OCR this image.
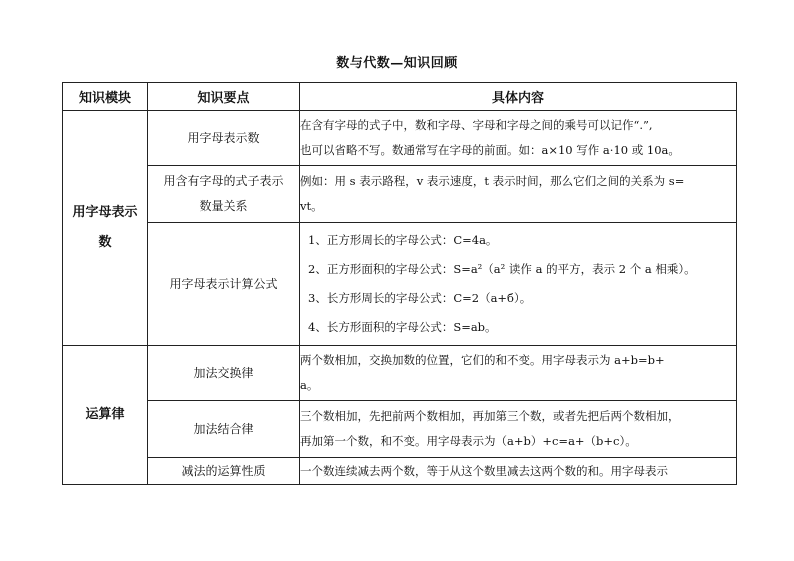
数与代数—知识回顾
知识模块	知识要点	具体内容

用字母表示
数	用字母表示数	在含有字母的式子中，数和字母、字母和字母之间的乘号可以记作“.”,
也可以省略不写。数通常写在字母的前面。如：a×10 写作 a·10 或 10a。

	用含有字母的式子表示
数量关系	例如：用 s 表示路程，v 表示速度，t 表示时间，那么它们之间的关系为 s=
vt。

	用字母表示计算公式	1、正方形周长的字母公式：C=4a。
2、正方形面积的字母公式：S=a²（a² 读作 a 的平方，表示 2 个 a 相乘）。
3、长方形周长的字母公式：C=2（a+б）。
4、长方形面积的字母公式：S=ab。

运算律	加法交换律	两个数相加，交换加数的位置，它们的和不变。用字母表示为 a+b=b+
a。

	加法结合律	三个数相加，先把前两个数相加，再加第三个数，或者先把后两个数相加，
再加第一个数，和不变。用字母表示为（a+b）+c=a+（b+c）。

	减法的运算性质	一个数连续减去两个数，等于从这个数里减去这两个数的和。用字母表示
